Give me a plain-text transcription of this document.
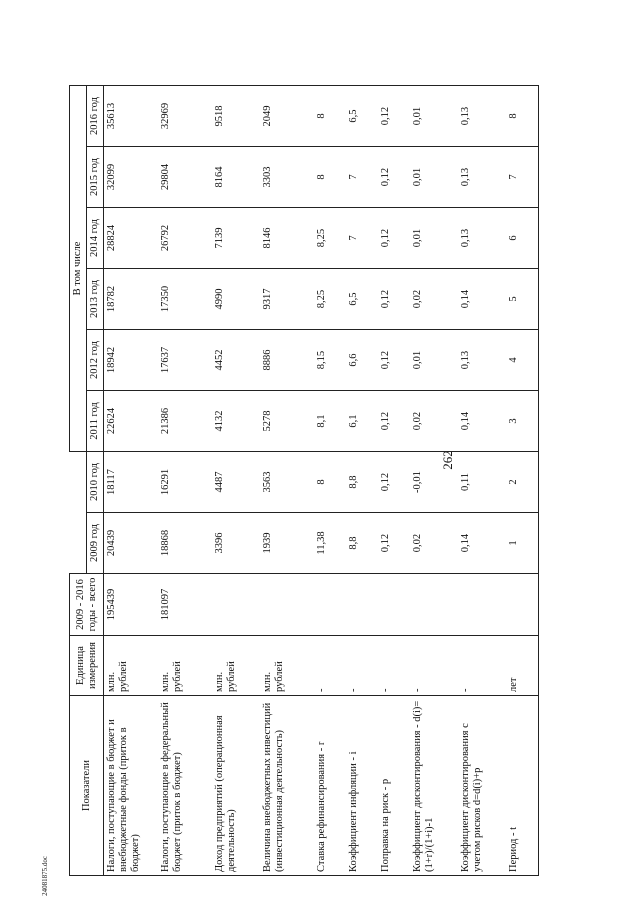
262
24081875.doc
Показатели	Единица измерения	2009 - 2016 годы - всего			В том числе					
			2009 год	2010 год	2011 год	2012 год	2013 год	2014 год	2015 год	2016 год
Налоги, поступающие в бюджет и внебюджетные фонды (приток в бюджет)	млн. рублей	195439	20439	18117	22624	18942	18782	28824	32099	35613
Налоги, поступающие в федеральный бюджет (приток в бюджет)	млн. рублей	181097	18868	16291	21386	17637	17350	26792	29804	32969
Доход предприятий (операционная деятельность)	млн. рублей		3396	4487	4132	4452	4990	7139	8164	9518
Величина внебюджетных инвестиций (инвестиционная деятельность)	млн. рублей		1939	3563	5278	8886	9317	8146	3303	2049
Ставка рефинансирования - r	-		11,38	8	8,1	8,15	8,25	8,25	8	8
Коэффициент инфляции - i	-		8,8	8,8	6,1	6,6	6,5	7	7	6,5
Поправка на риск - p	-		0,12	0,12	0,12	0,12	0,12	0,12	0,12	0,12
Коэффициент дисконтирования - d(i)=(1+r)/(1+i)-1	-		0,02	-0,01	0,02	0,01	0,02	0,01	0,01	0,01
Коэффициент дисконтирования с учетом рисков d=d(i)+p	-		0,14	0,11	0,14	0,13	0,14	0,13	0,13	0,13
Период - t	лет		1	2	3	4	5	6	7	8
